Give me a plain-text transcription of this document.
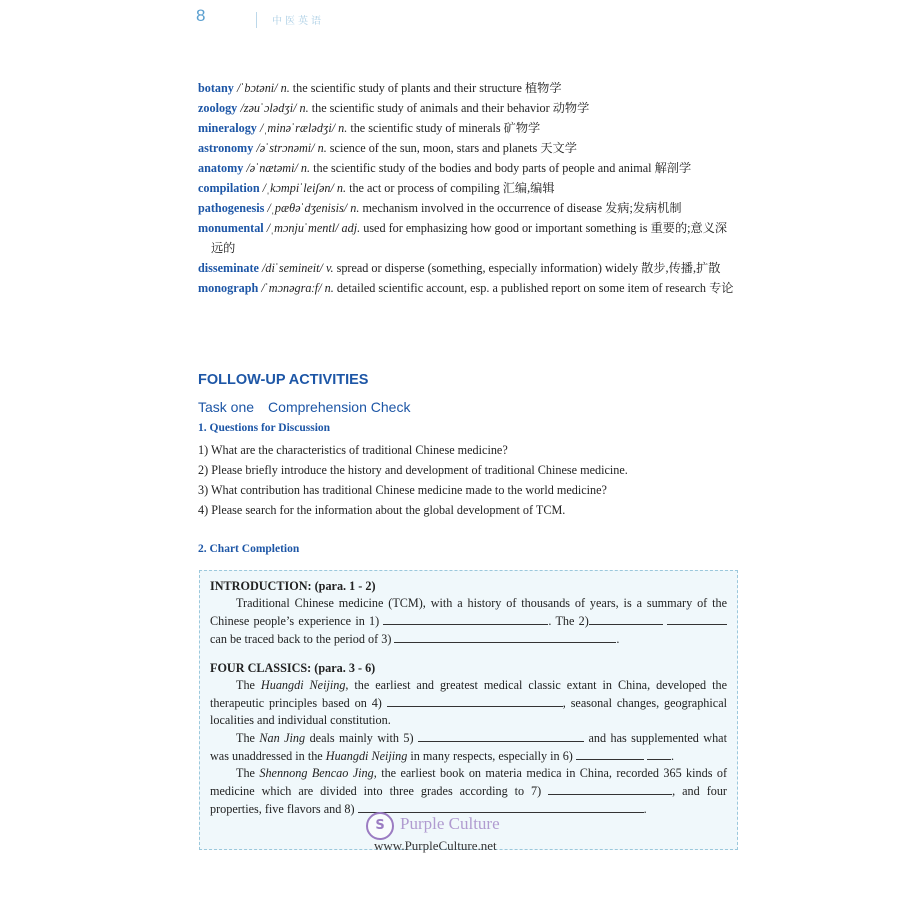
8	中医英语

botany /ˈbɔtəni/ n. the scientific study of plants and their structure 植物学

zoology /zəuˈɔlədʒi/ n. the scientific study of animals and their behavior 动物学

mineralogy /ˌminəˈrælədʒi/ n. the scientific study of minerals 矿物学

astronomy /əˈstrɔnəmi/ n. science of the sun, moon, stars and planets 天文学

anatomy /əˈnætəmi/ n. the scientific study of the bodies and body parts of people and animal 解剖学

compilation /ˌkɔmpiˈleiʃən/ n. the act or process of compiling 汇编,编辑

pathogenesis /ˌpæθəˈdʒenisis/ n. mechanism involved in the occurrence of disease 发病;发病机制

monumental /ˌmɔnjuˈmentl/ adj. used for emphasizing how good or important something is 重要的;意义深远的

disseminate /diˈsemineit/ v. spread or disperse (something, especially information) widely 散步,传播,扩散

monograph /ˈmɔnəgrɑːf/ n. detailed scientific account, esp. a published report on some item of research 专论

FOLLOW-UP ACTIVITIES
Task one Comprehension Check
1. Questions for Discussion

1) What are the characteristics of traditional Chinese medicine?

2) Please briefly introduce the history and development of traditional Chinese medicine.

3) What contribution has traditional Chinese medicine made to the world medicine?

4) Please search for the information about the global development of TCM.

2. Chart Completion

INTRODUCTION: (para. 1 - 2)

Traditional Chinese medicine (TCM), with a history of thousands of years, is a summary of the Chinese people’s experience in 1)	. The 2)  can be traced back to the period of 3)	.

FOUR CLASSICS: (para. 3 - 6)

The Huangdi Neijing, the earliest and greatest medical classic extant in China, developed the therapeutic principles based on 4)	, seasonal changes, geographical localities and individual constitution.

The Nan Jing deals mainly with 5)	and has supplemented what was unaddressed in the Huangdi Neijing in many respects, especially in 6)	.

The Shennong Bencao Jing, the earliest book on materia medica in China, recorded 365 kinds of medicine which are divided into three grades according to 7)	, and four properties, five flavors and 8)	.

S Purple Culture
www.PurpleCulture.net
